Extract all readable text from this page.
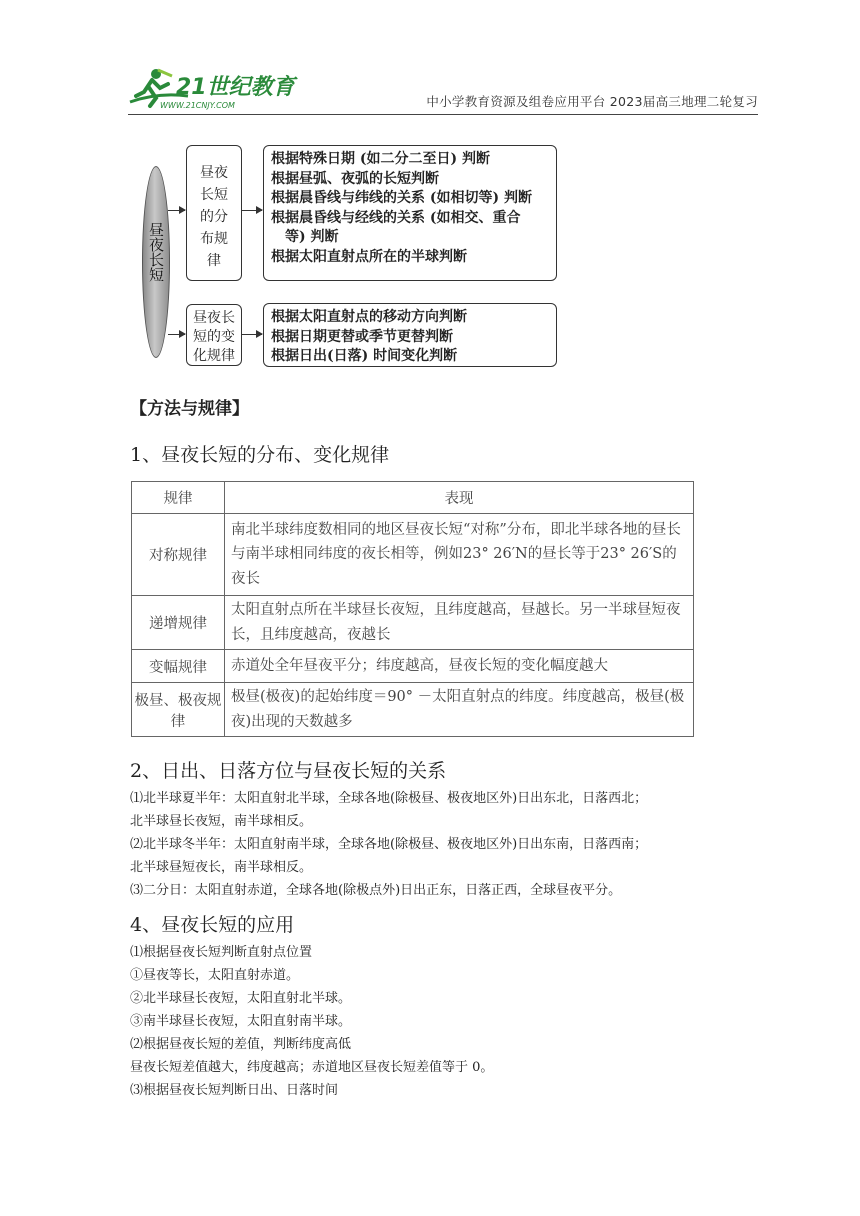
21世纪教育
WWW.21CNJY.COM	中小学教育资源及组卷应用平台 2023届高三地理二轮复习
昼夜长短
昼夜
长短
的分
布规
律
昼夜长
短的变
化规律
根据特殊日期 (如二分二至日) 判断
根据昼弧、夜弧的长短判断
根据晨昏线与纬线的关系 (如相切等) 判断
根据晨昏线与经线的关系 (如相交、重合
等) 判断
根据太阳直射点所在的半球判断
根据太阳直射点的移动方向判断
根据日期更替或季节更替判断
根据日出(日落) 时间变化判断
【方法与规律】
1、昼夜长短的分布、变化规律
规律	表现
对称规律	南北半球纬度数相同的地区昼夜长短“对称”分布，即北半球各地的昼长与南半球相同纬度的夜长相等，例如23° 26′N的昼长等于23° 26′S的夜长
递增规律	太阳直射点所在半球昼长夜短，且纬度越高，昼越长。另一半球昼短夜长，且纬度越高，夜越长
变幅规律	赤道处全年昼夜平分；纬度越高，昼夜长短的变化幅度越大
极昼、极夜规律	极昼(极夜)的起始纬度＝90° －太阳直射点的纬度。纬度越高，极昼(极夜)出现的天数越多
2、日出、日落方位与昼夜长短的关系
⑴北半球夏半年：太阳直射北半球，全球各地(除极昼、极夜地区外)日出东北，日落西北；
北半球昼长夜短，南半球相反。
⑵北半球冬半年：太阳直射南半球，全球各地(除极昼、极夜地区外)日出东南，日落西南；
北半球昼短夜长，南半球相反。
⑶二分日：太阳直射赤道，全球各地(除极点外)日出正东，日落正西，全球昼夜平分。
4、昼夜长短的应用
⑴根据昼夜长短判断直射点位置
①昼夜等长，太阳直射赤道。
②北半球昼长夜短，太阳直射北半球。
③南半球昼长夜短，太阳直射南半球。
⑵根据昼夜长短的差值，判断纬度高低
昼夜长短差值越大，纬度越高；赤道地区昼夜长短差值等于 0。
⑶根据昼夜长短判断日出、日落时间
